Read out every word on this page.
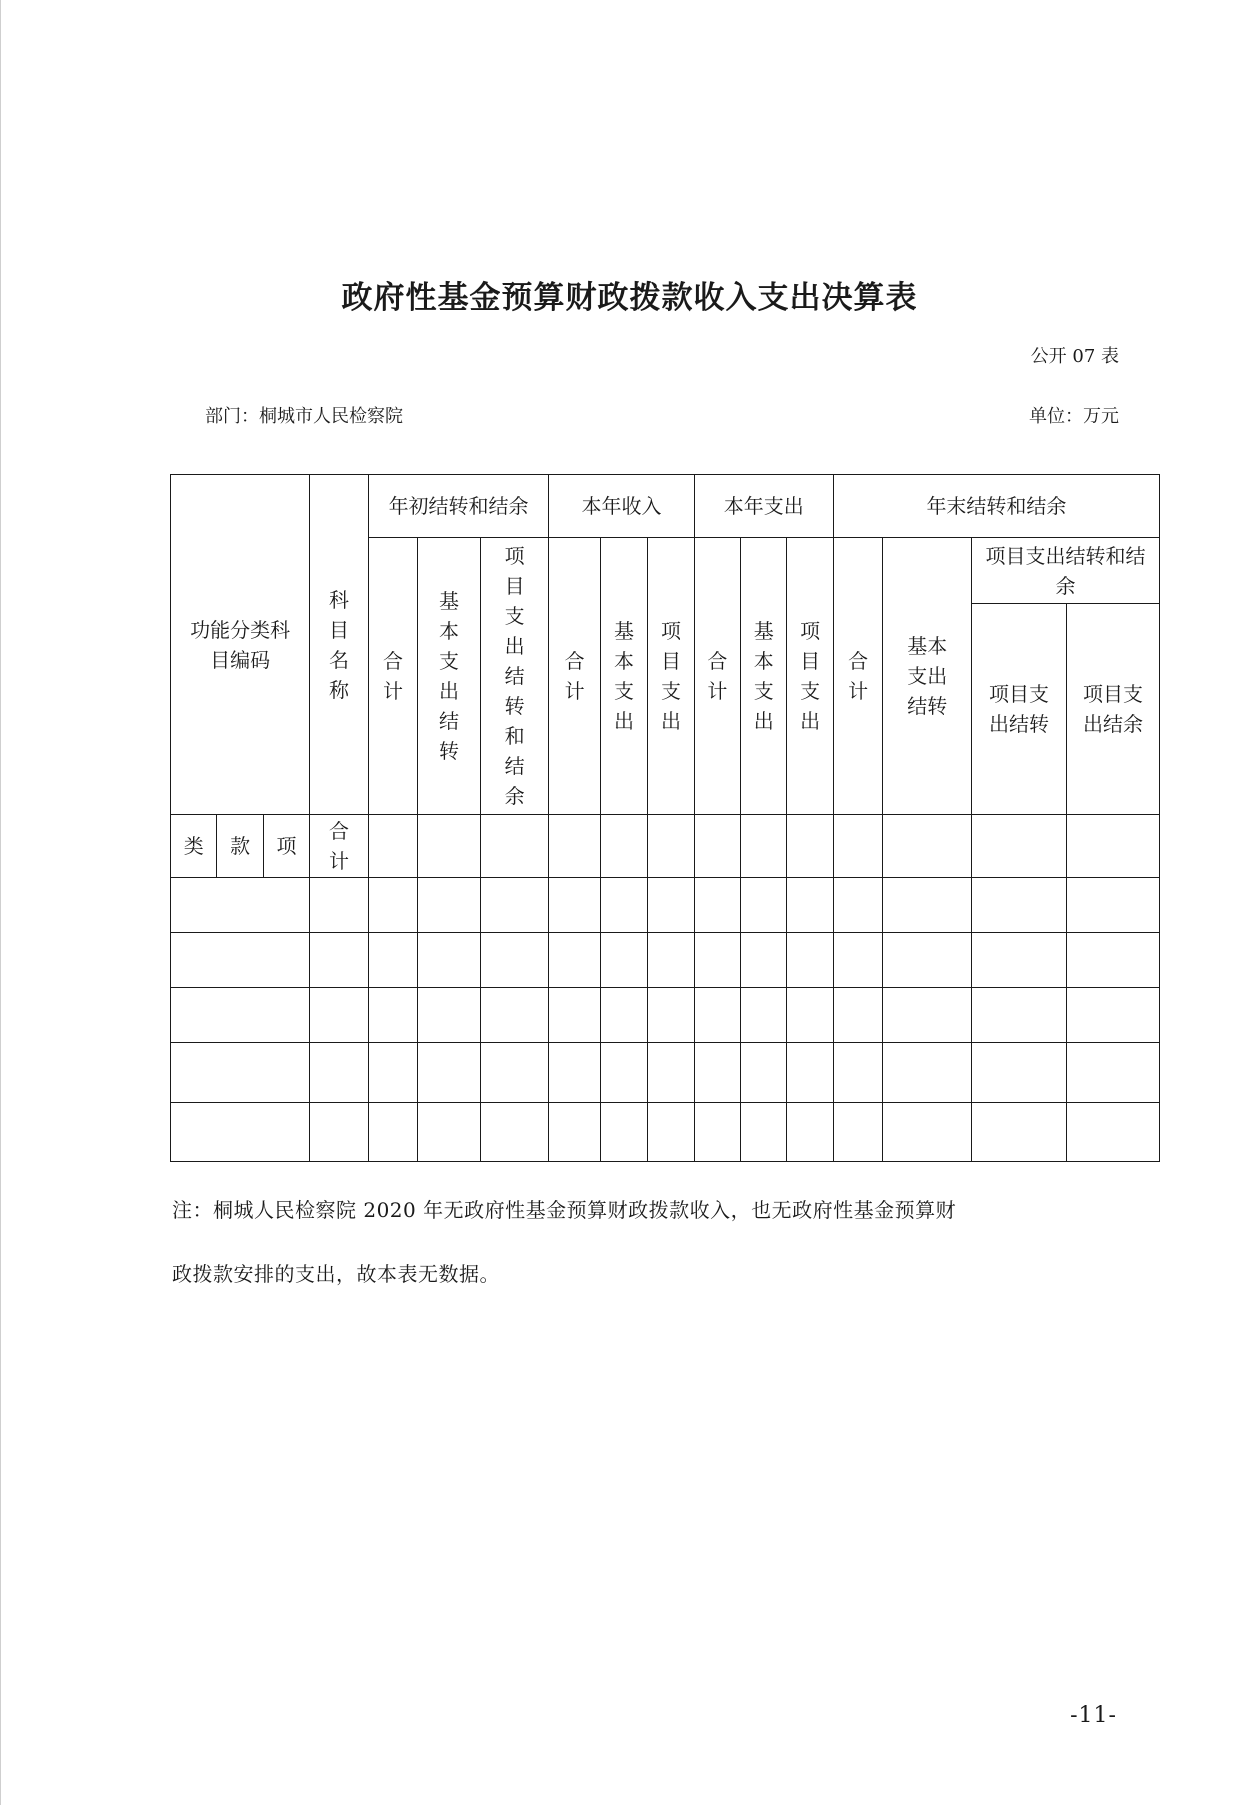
政府性基金预算财政拨款收入支出决算表
公开 07 表
部门：桐城市人民检察院	单位：万元
功能分类科目编码			科目名称	年初结转和结余			本年收入			本年支出			年末结转和结余			
				合计	基本支出结转	项目支出结转和结余	合计	基本支出	项目支出	合计	基本支出	项目支出	合计	基本支出结转	项目支出结转和结余	
															项目支出结转	项目支出结余
类	款	项	合计													

注：桐城人民检察院 2020 年无政府性基金预算财政拨款收入，也无政府性基金预算财
政拨款安排的支出，故本表无数据。
-11-
